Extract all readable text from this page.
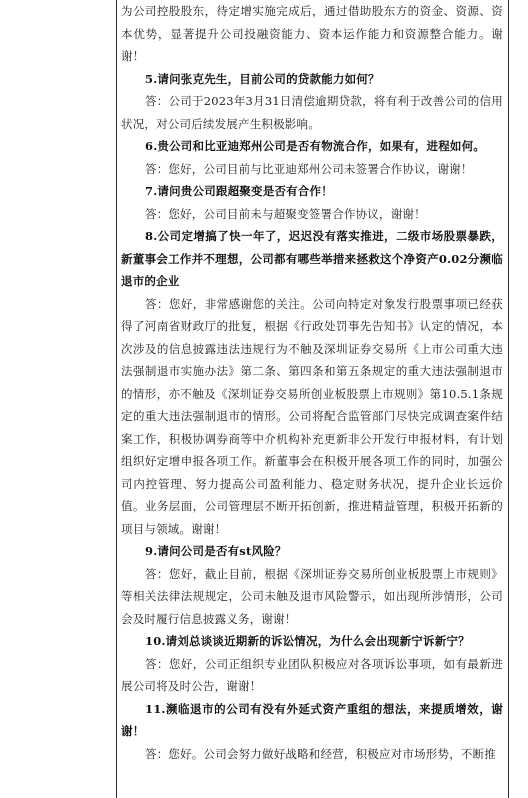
为公司控股股东，待定增实施完成后，通过借助股东方的资金、资源、资本优势，显著提升公司投融资能力、资本运作能力和资源整合能力。谢谢！

5.请问张克先生，目前公司的贷款能力如何？

答：公司于2023年3月31日清偿逾期贷款，将有利于改善公司的信用状况，对公司后续发展产生积极影响。

6.贵公司和比亚迪郑州公司是否有物流合作，如果有，进程如何。

答：您好，公司目前与比亚迪郑州公司未签署合作协议，谢谢！

7.请问贵公司跟超聚变是否有合作！

答：您好，公司目前未与超聚变签署合作协议，谢谢！

8.公司定增搞了快一年了，迟迟没有落实推进，二级市场股票暴跌，新董事会工作并不理想，公司都有哪些举措来拯救这个净资产0.02分濒临退市的企业

答：您好，非常感谢您的关注。公司向特定对象发行股票事项已经获得了河南省财政厅的批复，根据《行政处罚事先告知书》认定的情况，本次涉及的信息披露违法违规行为不触及深圳证券交易所《上市公司重大违法强制退市实施办法》第二条、第四条和第五条规定的重大违法强制退市的情形，亦不触及《深圳证券交易所创业板股票上市规则》第10.5.1条规定的重大违法强制退市的情形。公司将配合监管部门尽快完成调查案件结案工作，积极协调券商等中介机构补充更新非公开发行申报材料，有计划组织好定增申报各项工作。新董事会在积极开展各项工作的同时，加强公司内控管理、努力提高公司盈利能力、稳定财务状况，提升企业长远价值。业务层面，公司管理层不断开拓创新，推进精益管理，积极开拓新的项目与领域。谢谢！

9.请问公司是否有st风险？

答：您好，截止目前，根据《深圳证券交易所创业板股票上市规则》等相关法律法规规定，公司未触及退市风险警示，如出现所涉情形，公司会及时履行信息披露义务，谢谢！

10.请刘总谈谈近期新的诉讼情况，为什么会出现新宁诉新宁？

答：您好，公司正组织专业团队积极应对各项诉讼事项，如有最新进展公司将及时公告，谢谢！

11.濒临退市的公司有没有外延式资产重组的想法，来提质增效，谢谢！

答：您好。公司会努力做好战略和经营，积极应对市场形势，不断推
